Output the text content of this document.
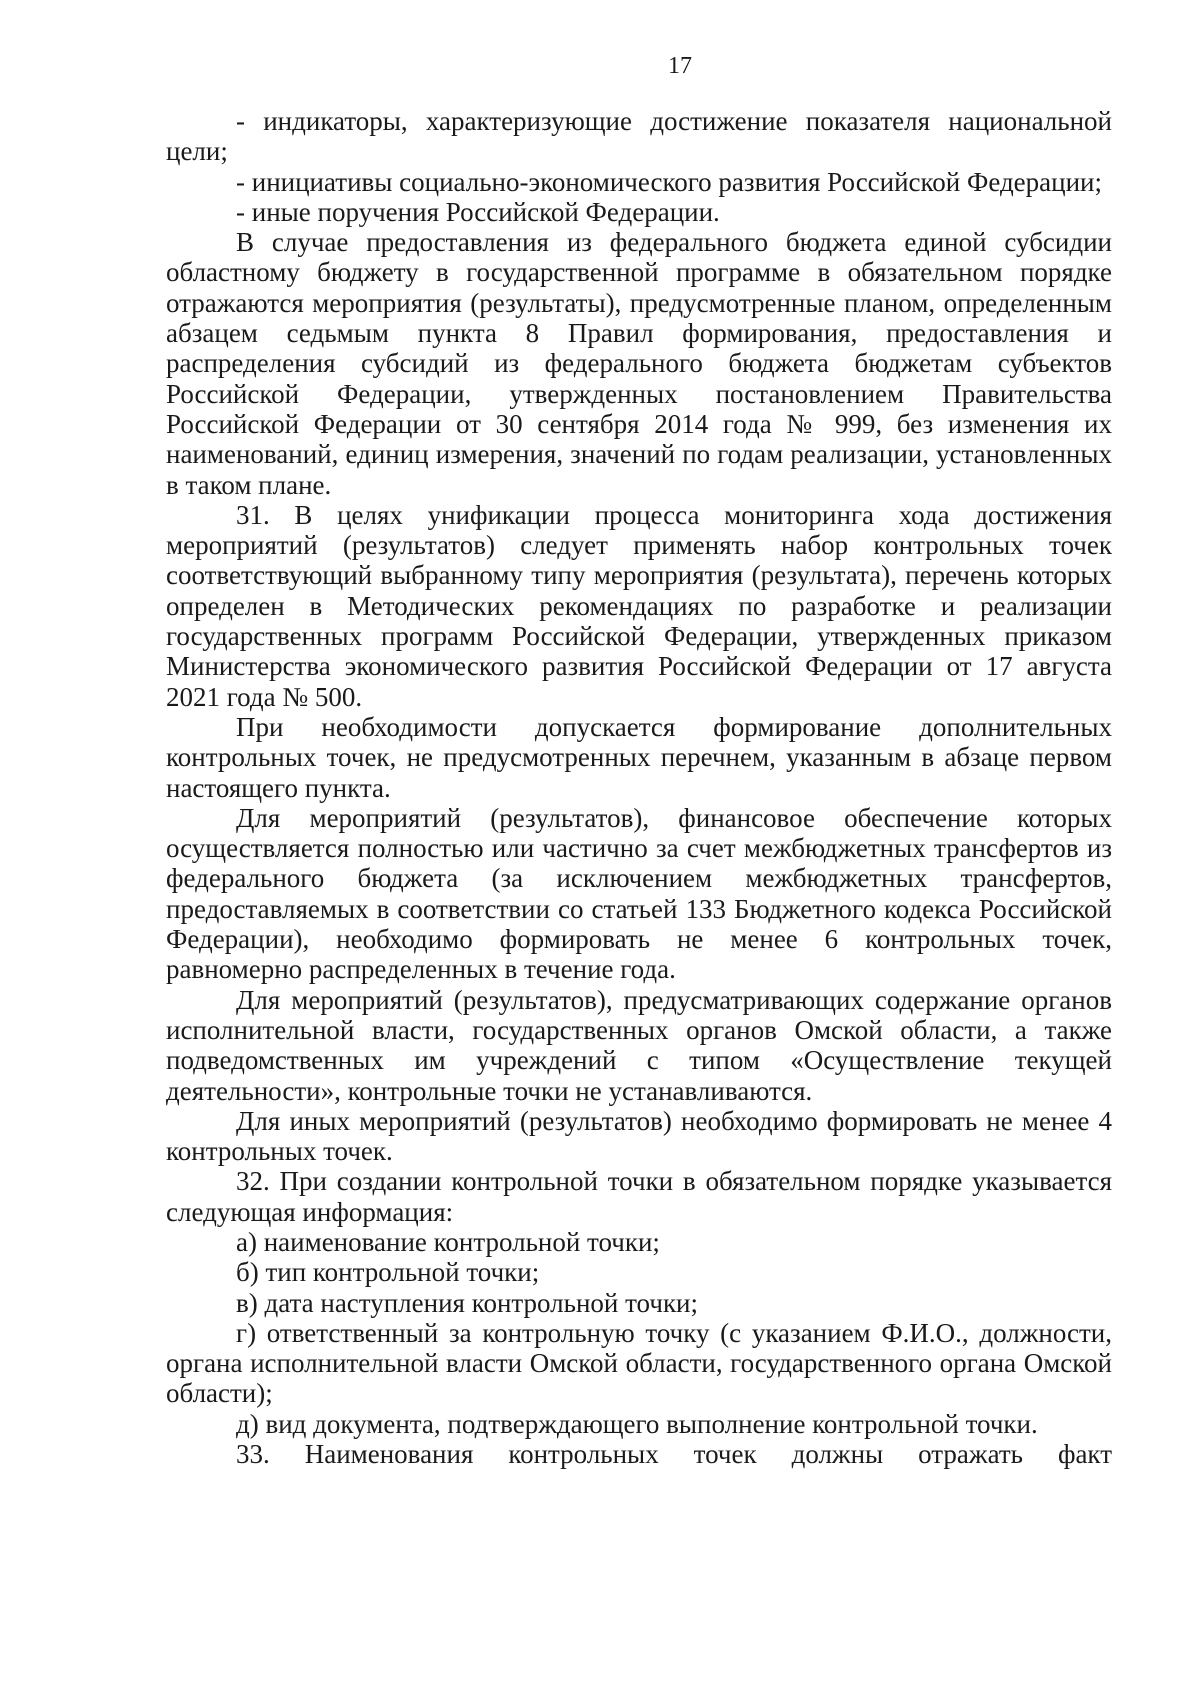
17

- индикаторы, характеризующие достижение показателя национальной цели;

- инициативы социально-экономического развития Российской Федерации;

- иные поручения Российской Федерации.

В случае предоставления из федерального бюджета единой субсидии областному бюджету в государственной программе в обязательном порядке отражаются мероприятия (результаты), предусмотренные планом, определенным абзацем седьмым пункта 8 Правил формирования, предоставления и распределения субсидий из федерального бюджета бюджетам субъектов Российской Федерации, утвержденных постановлением Правительства Российской Федерации от 30 сентября 2014 года № 999, без изменения их наименований, единиц измерения, значений по годам реализации, установленных в таком плане.

31. В целях унификации процесса мониторинга хода достижения мероприятий (результатов) следует применять набор контрольных точек соответствующий выбранному типу мероприятия (результата), перечень которых определен в Методических рекомендациях по разработке и реализации государственных программ Российской Федерации, утвержденных приказом Министерства экономического развития Российской Федерации от 17 августа 2021 года № 500.

При необходимости допускается формирование дополнительных контрольных точек, не предусмотренных перечнем, указанным в абзаце первом настоящего пункта.

Для мероприятий (результатов), финансовое обеспечение которых осуществляется полностью или частично за счет межбюджетных трансфертов из федерального бюджета (за исключением межбюджетных трансфертов, предоставляемых в соответствии со статьей 133 Бюджетного кодекса Российской Федерации), необходимо формировать не менее 6 контрольных точек, равномерно распределенных в течение года.

Для мероприятий (результатов), предусматривающих содержание органов исполнительной власти, государственных органов Омской области, а также подведомственных им учреждений с типом «Осуществление текущей деятельности», контрольные точки не устанавливаются.

Для иных мероприятий (результатов) необходимо формировать не менее 4 контрольных точек.

32. При создании контрольной точки в обязательном порядке указывается следующая информация:

а) наименование контрольной точки;

б) тип контрольной точки;

в) дата наступления контрольной точки;

г) ответственный за контрольную точку (с указанием Ф.И.О., должности, органа исполнительной власти Омской области, государственного органа Омской области);

д) вид документа, подтверждающего выполнение контрольной точки.

33. Наименования контрольных точек должны отражать факт
